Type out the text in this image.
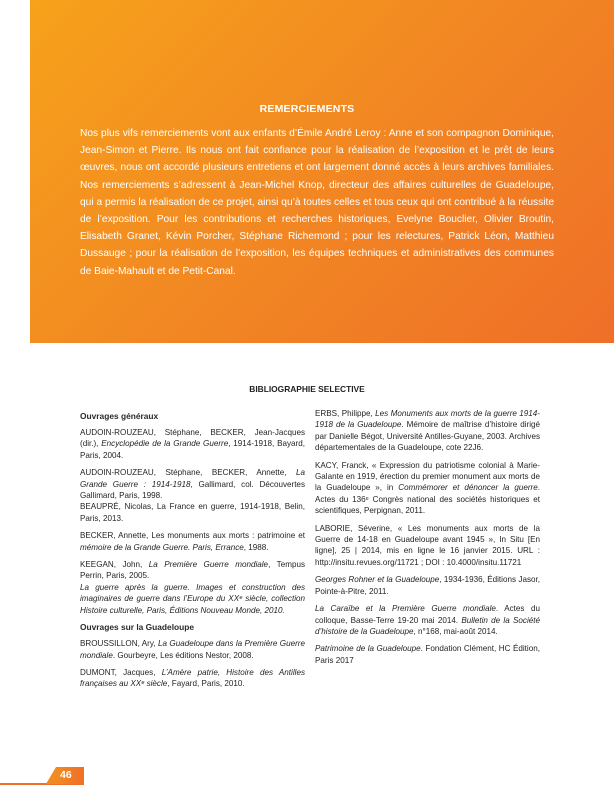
REMERCIEMENTS

Nos plus vifs remerciements vont aux enfants d’Émile André Leroy : Anne et son compagnon Dominique, Jean-Simon et Pierre. Ils nous ont fait confiance pour la réalisation de l’exposition et le prêt de leurs œuvres, nous ont accordé plusieurs entretiens et ont largement donné accès à leurs archives familiales. Nos remerciements s’adressent à Jean-Michel Knop, directeur des affaires culturelles de Guadeloupe, qui a permis la réalisation de ce projet, ainsi qu’à toutes celles et tous ceux qui ont contribué à la réussite de l’exposition. Pour les contributions et recherches historiques, Evelyne Bouclier, Olivier Broutin, Elisabeth Granet, Kévin Porcher, Stéphane Richemond ; pour les relectures, Patrick Léon, Matthieu Dussauge ; pour la réalisation de l’exposition, les équipes techniques et administratives des communes de Baie-Mahault et de Petit-Canal.

BIBLIOGRAPHIE SELECTIVE
Ouvrages généraux

AUDOIN-ROUZEAU, Stéphane, BECKER, Jean-Jacques (dir.), Encyclopédie de la Grande Guerre, 1914-1918, Bayard, Paris, 2004.

AUDOIN-ROUZEAU, Stéphane, BECKER, Annette, La Grande Guerre : 1914-1918, Gallimard, col. Découvertes Gallimard, Paris, 1998.

BEAUPRÉ, Nicolas, La France en guerre, 1914-1918, Belin, Paris, 2013.

BECKER, Annette, Les monuments aux morts : patrimoine et mémoire de la Grande Guerre. Paris, Errance, 1988.

KEEGAN, John, La Première Guerre mondiale, Tempus Perrin, Paris, 2005.

La guerre après la guerre. Images et construction des imaginaires de guerre dans l’Europe du XXᵉ siècle, collection Histoire culturelle, Paris, Éditions Nouveau Monde, 2010.

Ouvrages sur la Guadeloupe

BROUSSILLON, Ary, La Guadeloupe dans la Première Guerre mondiale. Gourbeyre, Les éditions Nestor, 2008.

DUMONT, Jacques, L’Amère patrie, Histoire des Antilles françaises au XXᵉ siècle, Fayard, Paris, 2010.

ERBS, Philippe, Les Monuments aux morts de la guerre 1914-1918 de la Guadeloupe. Mémoire de maîtrise d’histoire dirigé par Danielle Bégot, Université Antilles-Guyane, 2003. Archives départementales de la Guadeloupe, cote 22J6.

KACY, Franck, « Expression du patriotisme colonial à Marie-Galante en 1919, érection du premier monument aux morts de la Guadeloupe », in Commémorer et dénoncer la guerre. Actes du 136ᵉ Congrès national des sociétés historiques et scientifiques, Perpignan, 2011.

LABORIE, Séverine, « Les monuments aux morts de la Guerre de 14-18 en Guadeloupe avant 1945 », In Situ [En ligne], 25 | 2014, mis en ligne le 16 janvier 2015. URL : http://insitu.revues.org/11721 ; DOI : 10.4000/insitu.11721

Georges Rohner et la Guadeloupe, 1934-1936, Éditions Jasor, Pointe-à-Pitre, 2011.

La Caraïbe et la Première Guerre mondiale. Actes du colloque, Basse-Terre 19-20 mai 2014. Bulletin de la Société d’histoire de la Guadeloupe, n°168, mai-août 2014.

Patrimoine de la Guadeloupe. Fondation Clément, HC Édition, Paris 2017

46
